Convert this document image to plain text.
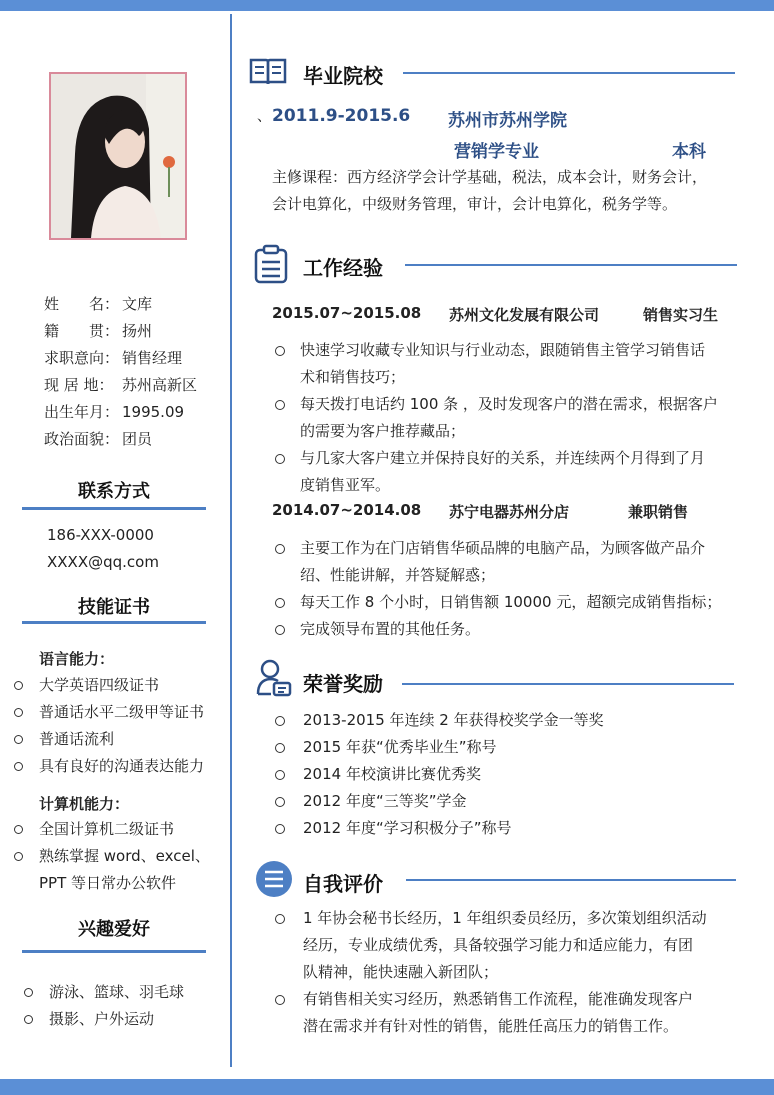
姓　　名： 文库
籍　　贯： 扬州
求职意向： 销售经理
现 居 地： 苏州高新区
出生年月： 1995.09
政治面貌： 团员
联系方式
186-XXX-0000
XXXX@qq.com
技能证书
语言能力：
大学英语四级证书
普通话水平二级甲等证书
普通话流利
具有良好的沟通表达能力
计算机能力：
全国计算机二级证书
熟练掌握 word、excel、
PPT 等日常办公软件
兴趣爱好
游泳、篮球、羽毛球
摄影、户外运动
毕业院校
、 2011.9-2015.6 苏州市苏州学院
营销学专业	本科
主修课程：西方经济学会计学基础，税法，成本会计，财务会计，
会计电算化，中级财务管理，审计，会计电算化，税务学等。
工作经验
2015.07~2015.08 苏州文化发展有限公司	销售实习生
快速学习收藏专业知识与行业动态，跟随销售主管学习销售话
术和销售技巧；
每天拨打电话约 100 条 ，及时发现客户的潜在需求，根据客户
的需要为客户推荐藏品；
与几家大客户建立并保持良好的关系，并连续两个月得到了月
度销售亚军。
2014.07~2014.08 苏宁电器苏州分店	兼职销售
主要工作为在门店销售华硕品牌的电脑产品，为顾客做产品介
绍、性能讲解，并答疑解惑；
每天工作 8 个小时，日销售额 10000 元，超额完成销售指标；
完成领导布置的其他任务。
荣誉奖励
2013-2015 年连续 2 年获得校奖学金一等奖
2015 年获“优秀毕业生”称号
2014 年校演讲比赛优秀奖
2012 年度“三等奖”学金
2012 年度“学习积极分子”称号
自我评价
1 年协会秘书长经历，1 年组织委员经历，多次策划组织活动
经历，专业成绩优秀，具备较强学习能力和适应能力，有团
队精神，能快速融入新团队；
有销售相关实习经历，熟悉销售工作流程，能准确发现客户
潜在需求并有针对性的销售，能胜任高压力的销售工作。
